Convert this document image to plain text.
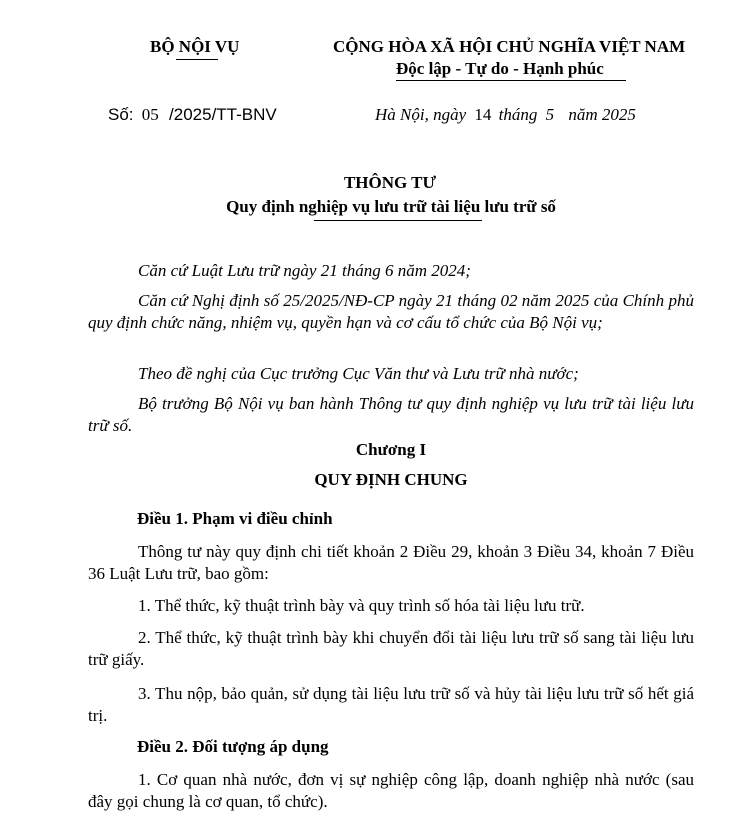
BỘ NỘI VỤ	CỘNG HÒA XÃ HỘI CHỦ NGHĨA VIỆT NAM
Độc lập - Tự do - Hạnh phúc
Số: 05 /2025/TT-BNV	Hà Nội, ngày 14 tháng 5 năm 2025
THÔNG TƯ
Quy định nghiệp vụ lưu trữ tài liệu lưu trữ số
Căn cứ Luật Lưu trữ ngày 21 tháng 6 năm 2024;
Căn cứ Nghị định số 25/2025/NĐ-CP ngày 21 tháng 02 năm 2025 của Chính phủ quy định chức năng, nhiệm vụ, quyền hạn và cơ cấu tổ chức của Bộ Nội vụ;
Theo đề nghị của Cục trưởng Cục Văn thư và Lưu trữ nhà nước;
Bộ trưởng Bộ Nội vụ ban hành Thông tư quy định nghiệp vụ lưu trữ tài liệu lưu trữ số.
Chương I
QUY ĐỊNH CHUNG
Điều 1. Phạm vi điều chỉnh
Thông tư này quy định chi tiết khoản 2 Điều 29, khoản 3 Điều 34, khoản 7 Điều 36 Luật Lưu trữ, bao gồm:
1. Thể thức, kỹ thuật trình bày và quy trình số hóa tài liệu lưu trữ.
2. Thể thức, kỹ thuật trình bày khi chuyển đổi tài liệu lưu trữ số sang tài liệu lưu trữ giấy.
3. Thu nộp, bảo quản, sử dụng tài liệu lưu trữ số và hủy tài liệu lưu trữ số hết giá trị.
Điều 2. Đối tượng áp dụng
1. Cơ quan nhà nước, đơn vị sự nghiệp công lập, doanh nghiệp nhà nước (sau đây gọi chung là cơ quan, tổ chức).
